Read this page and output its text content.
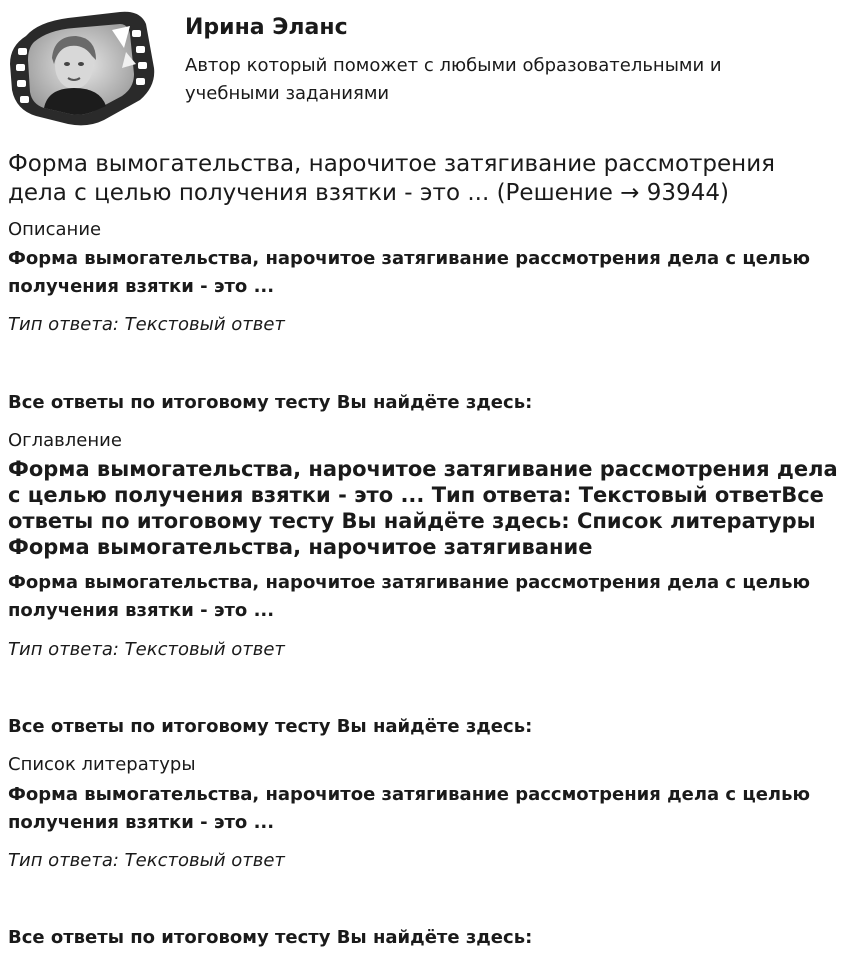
Ирина Эланс
Автор который поможет с любыми образовательными и учебными заданиями
Форма вымогательства, нарочитое затягивание рассмотрения дела с целью получения взятки - это ... (Решение → 93944)
Описание
Форма вымогательства, нарочитое затягивание рассмотрения дела с целью получения взятки - это ...
Тип ответа: Текстовый ответ
Все ответы по итоговому тесту Вы найдёте здесь:
Оглавление
Форма вымогательства, нарочитое затягивание рассмотрения дела с целью получения взятки - это ... Тип ответа: Текстовый ответВсе ответы по итоговому тесту Вы найдёте здесь: Список литературы Форма вымогательства, нарочитое затягивание
Форма вымогательства, нарочитое затягивание рассмотрения дела с целью получения взятки - это ...
Тип ответа: Текстовый ответ
Все ответы по итоговому тесту Вы найдёте здесь:
Список литературы
Форма вымогательства, нарочитое затягивание рассмотрения дела с целью получения взятки - это ...
Тип ответа: Текстовый ответ
Все ответы по итоговому тесту Вы найдёте здесь:
